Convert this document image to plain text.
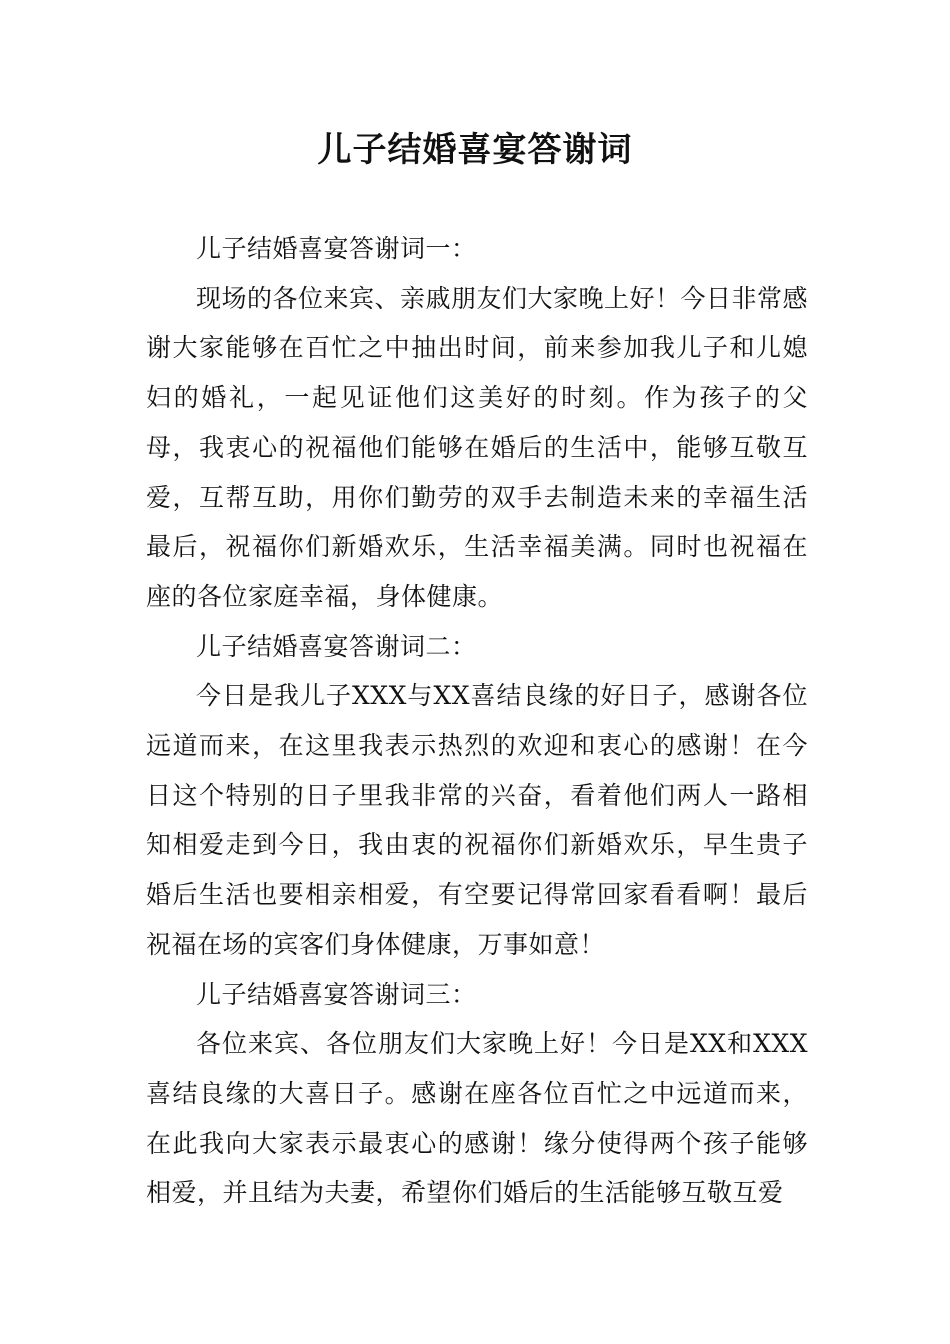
儿子结婚喜宴答谢词

儿子结婚喜宴答谢词一：

现场的各位来宾、亲戚朋友们大家晚上好！今日非常感谢大家能够在百忙之中抽出时间，前来参加我儿子和儿媳妇的婚礼，一起见证他们这美好的时刻。作为孩子的父母，我衷心的祝福他们能够在婚后的生活中，能够互敬互爱，互帮互助，用你们勤劳的双手去制造未来的幸福生活最后，祝福你们新婚欢乐，生活幸福美满。同时也祝福在座的各位家庭幸福，身体健康。

儿子结婚喜宴答谢词二：

今日是我儿子XXX与XX喜结良缘的好日子，感谢各位远道而来，在这里我表示热烈的欢迎和衷心的感谢！在今日这个特别的日子里我非常的兴奋，看着他们两人一路相知相爱走到今日，我由衷的祝福你们新婚欢乐，早生贵子婚后生活也要相亲相爱，有空要记得常回家看看啊！最后祝福在场的宾客们身体健康，万事如意！

儿子结婚喜宴答谢词三：

各位来宾、各位朋友们大家晚上好！今日是XX和XXX喜结良缘的大喜日子。感谢在座各位百忙之中远道而来，在此我向大家表示最衷心的感谢！缘分使得两个孩子能够相爱，并且结为夫妻，希望你们婚后的生活能够互敬互爱
